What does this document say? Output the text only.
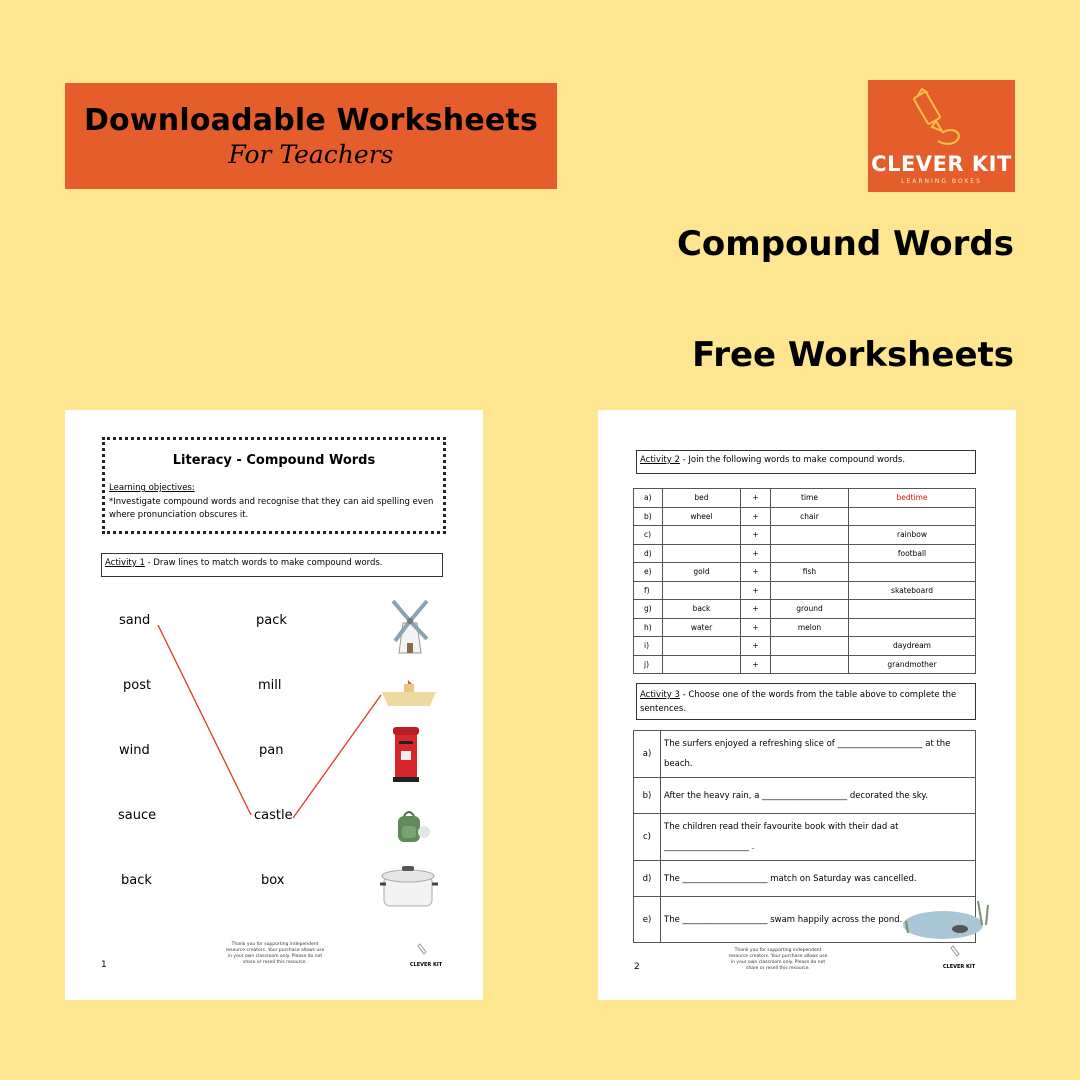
Downloadable Worksheets
For Teachers	CLEVER KIT
LEARNING BOXES
Compound Words
Free Worksheets
Literacy - Compound Words
Learning objectives:
*Investigate compound words and recognise that they can aid spelling even where pronunciation obscures it.
Activity 1 - Draw lines to match words to make compound words.
sand
post
wind
sauce
back
pack
mill
pan
castle
box
1
Thank you for supporting independent resource creators. Your purchase allows use in your own classroom only. Please do not share or resell this resource.	CLEVER KIT
Activity 2 - Join the following words to make compound words.
a)	bed	+	time	bedtime
b)	wheel	+	chair	
c)		+		rainbow
d)		+		football
e)	gold	+	fish	
f)		+		skateboard
g)	back	+	ground	
h)	water	+	melon	
i)		+		daydream
j)		+		grandmother
Activity 3 - Choose one of the words from the table above to complete the sentences.
a)	The surfers enjoyed a refreshing slice of ____________________ at the beach.
b)	After the heavy rain, a ____________________ decorated the sky.
c)	The children read their favourite book with their dad at ____________________ .
d)	The ____________________ match on Saturday was cancelled.
e)	The ____________________ swam happily across the pond.
2
Thank you for supporting independent resource creators. Your purchase allows use in your own classroom only. Please do not share or resell this resource.	CLEVER KIT
